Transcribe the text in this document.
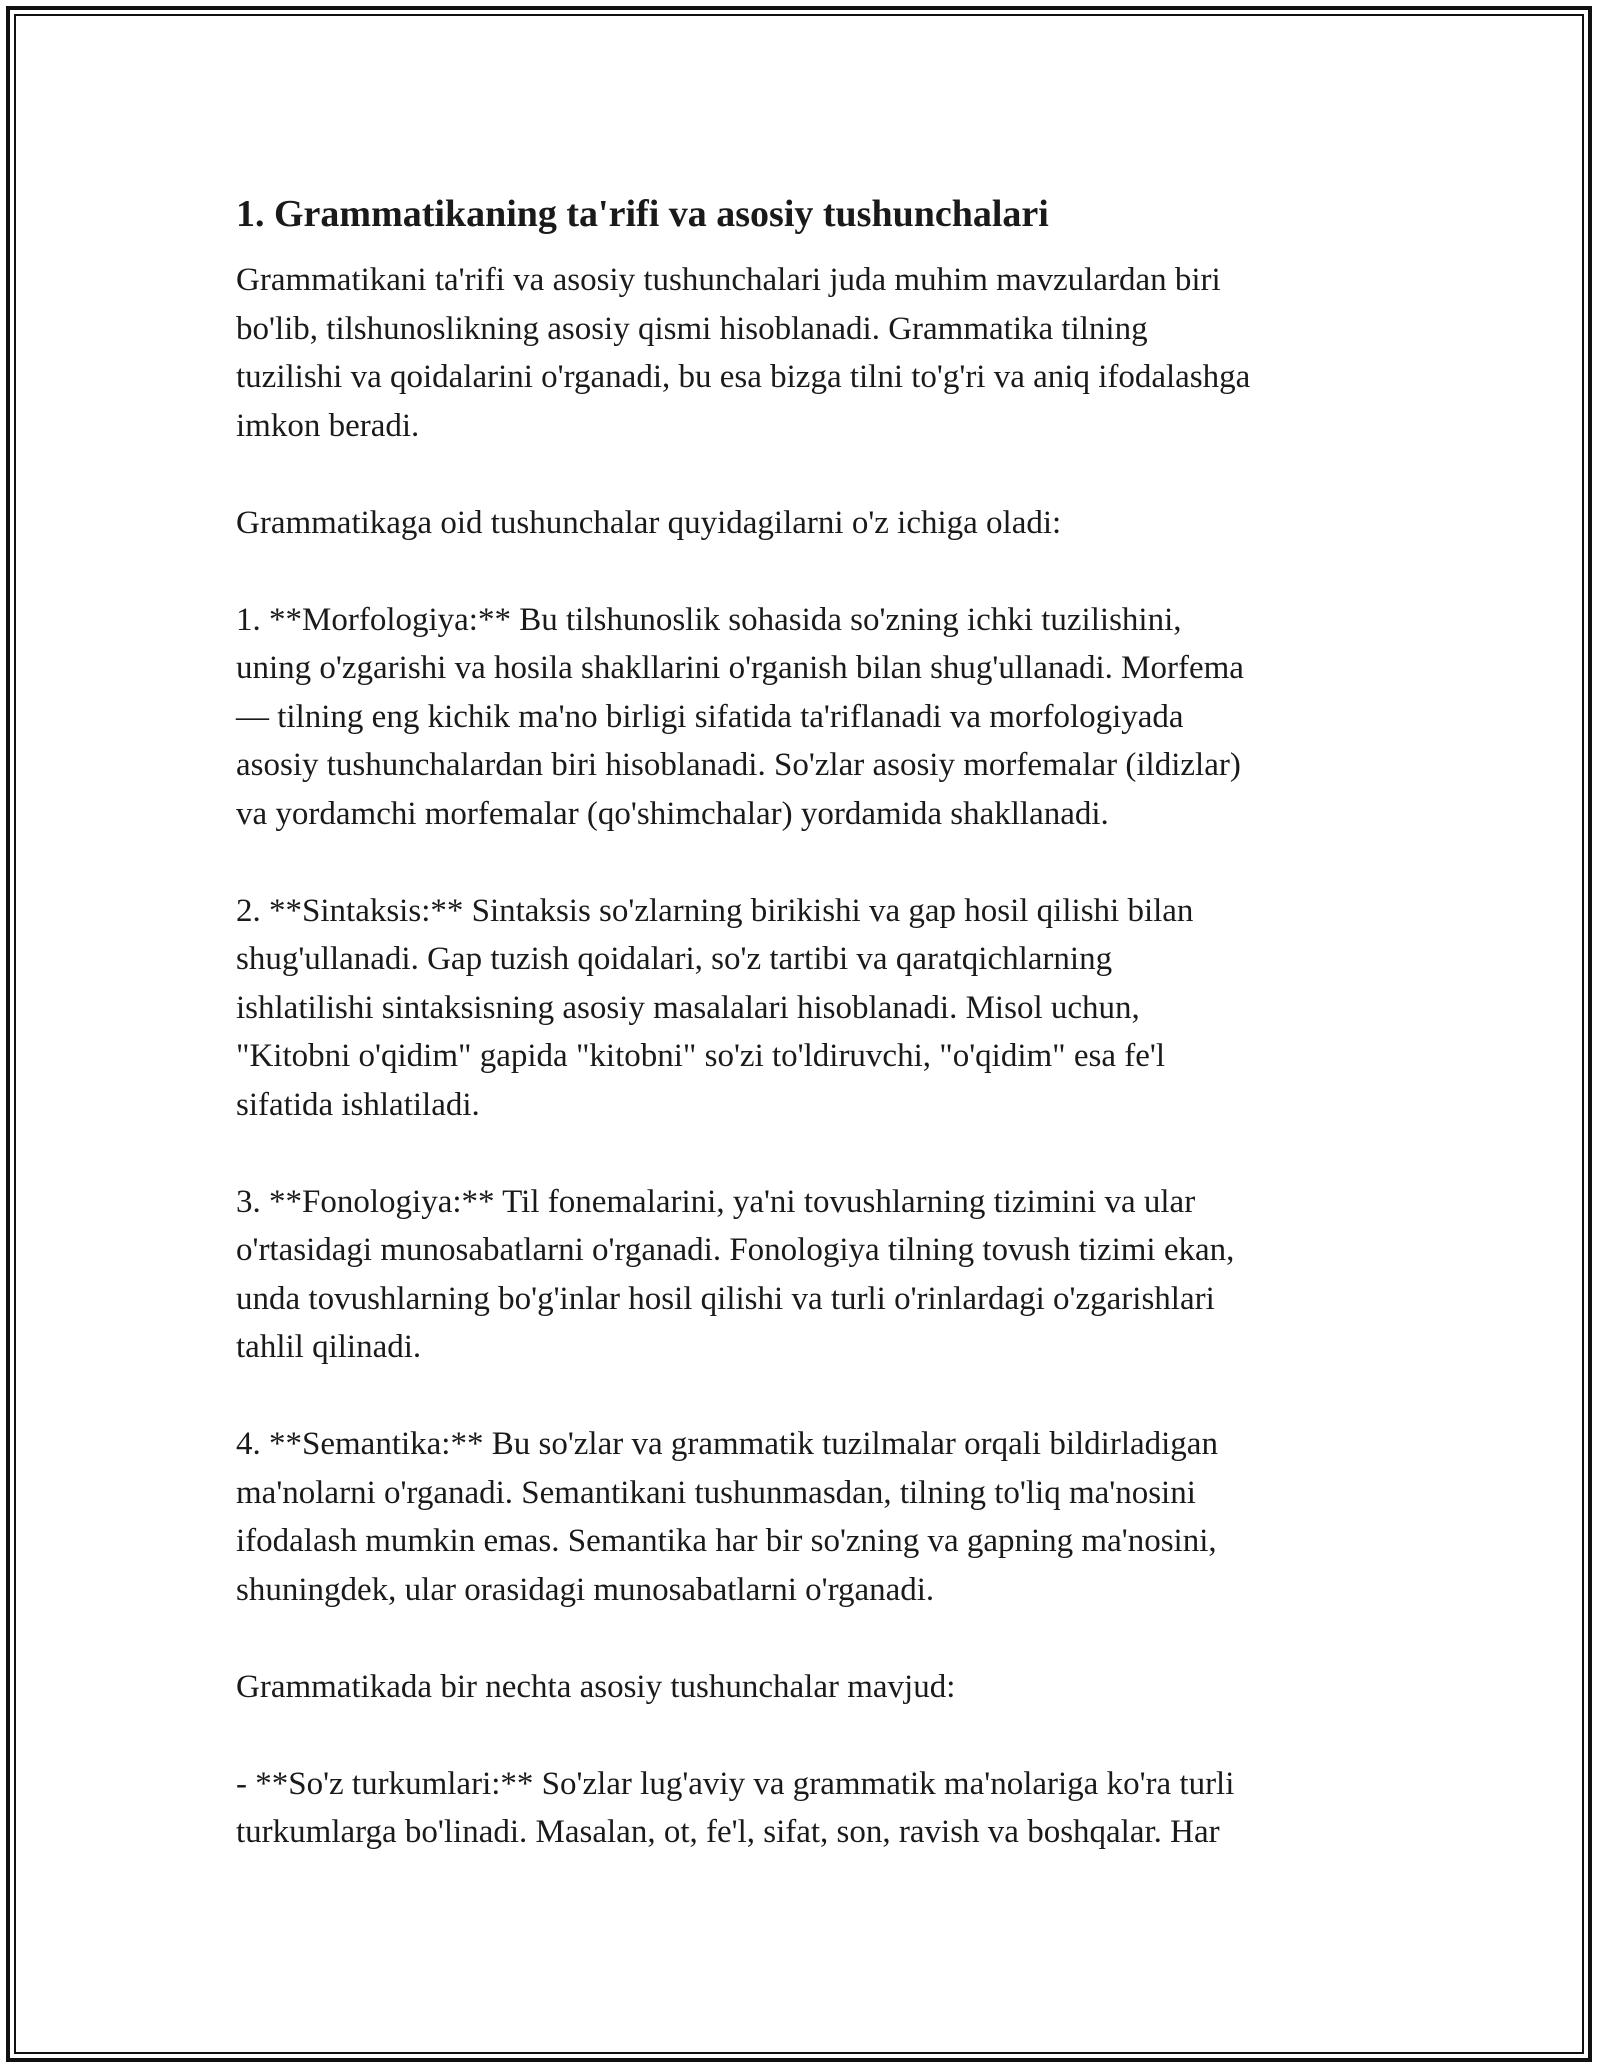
1. Grammatikaning ta'rifi va asosiy tushunchalari

Grammatikani ta'rifi va asosiy tushunchalari juda muhim mavzulardan biri
bo'lib, tilshunoslikning asosiy qismi hisoblanadi. Grammatika tilning
tuzilishi va qoidalarini o'rganadi, bu esa bizga tilni to'g'ri va aniq ifodalashga
imkon beradi.

Grammatikaga oid tushunchalar quyidagilarni o'z ichiga oladi:

1. **Morfologiya:** Bu tilshunoslik sohasida so'zning ichki tuzilishini,
uning o'zgarishi va hosila shakllarini o'rganish bilan shug'ullanadi. Morfema
— tilning eng kichik ma'no birligi sifatida ta'riflanadi va morfologiyada
asosiy tushunchalardan biri hisoblanadi. So'zlar asosiy morfemalar (ildizlar)
va yordamchi morfemalar (qo'shimchalar) yordamida shakllanadi.

2. **Sintaksis:** Sintaksis so'zlarning birikishi va gap hosil qilishi bilan
shug'ullanadi. Gap tuzish qoidalari, so'z tartibi va qaratqichlarning
ishlatilishi sintaksisning asosiy masalalari hisoblanadi. Misol uchun,
"Kitobni o'qidim" gapida "kitobni" so'zi to'ldiruvchi, "o'qidim" esa fe'l
sifatida ishlatiladi.

3. **Fonologiya:** Til fonemalarini, ya'ni tovushlarning tizimini va ular
o'rtasidagi munosabatlarni o'rganadi. Fonologiya tilning tovush tizimi ekan,
unda tovushlarning bo'g'inlar hosil qilishi va turli o'rinlardagi o'zgarishlari
tahlil qilinadi.

4. **Semantika:** Bu so'zlar va grammatik tuzilmalar orqali bildirladigan
ma'nolarni o'rganadi. Semantikani tushunmasdan, tilning to'liq ma'nosini
ifodalash mumkin emas. Semantika har bir so'zning va gapning ma'nosini,
shuningdek, ular orasidagi munosabatlarni o'rganadi.

Grammatikada bir nechta asosiy tushunchalar mavjud:

- **So'z turkumlari:** So'zlar lug'aviy va grammatik ma'nolariga ko'ra turli
turkumlarga bo'linadi. Masalan, ot, fe'l, sifat, son, ravish va boshqalar. Har
